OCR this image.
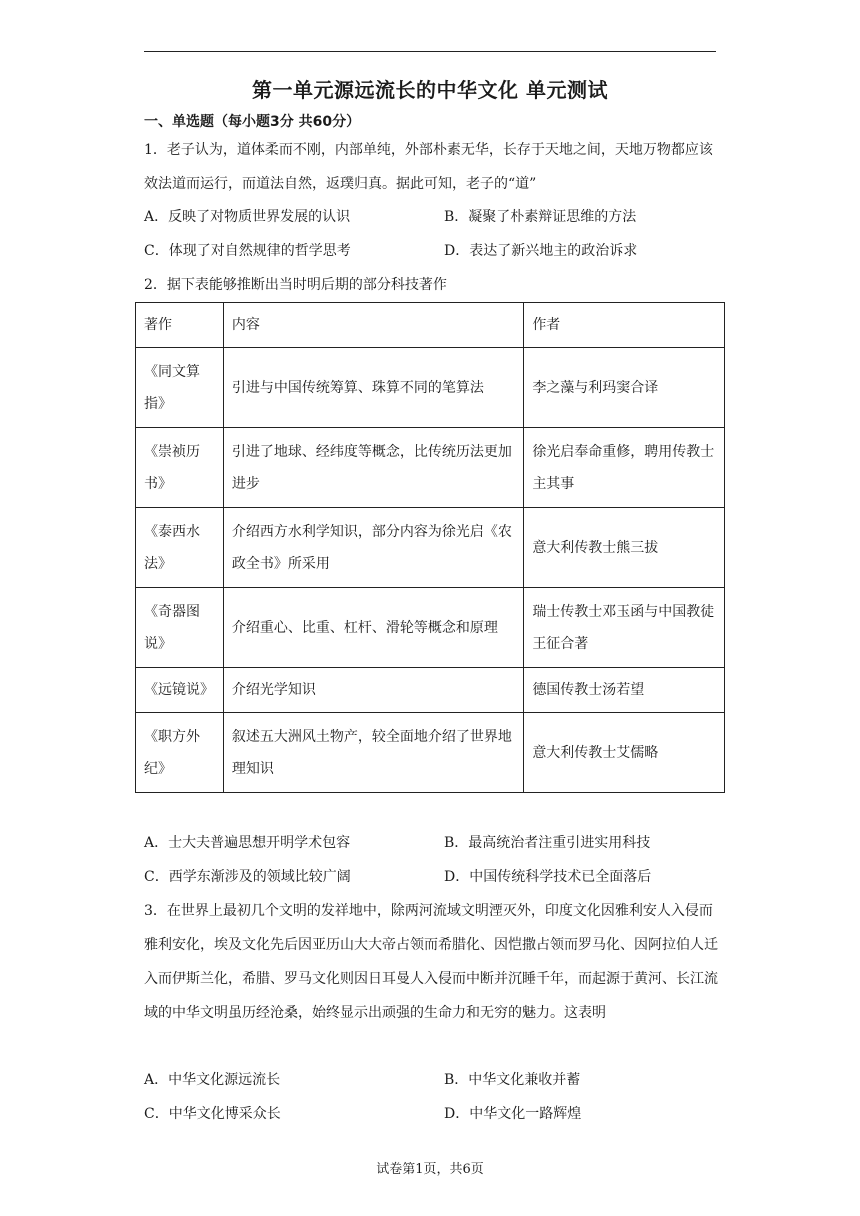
第一单元源远流长的中华文化 单元测试
一、单选题（每小题3分 共60分）
1．老子认为，道体柔而不刚，内部单纯，外部朴素无华，长存于天地之间，天地万物都应该效法道而运行，而道法自然，返璞归真。据此可知，老子的“道”
A．反映了对物质世界发展的认识	B．凝聚了朴素辩证思维的方法
C．体现了对自然规律的哲学思考	D．表达了新兴地主的政治诉求
2．据下表能够推断出当时明后期的部分科技著作
著作	内容	作者
《同文算指》	引进与中国传统筹算、珠算不同的笔算法	李之藻与利玛窦合译
《崇祯历书》	引进了地球、经纬度等概念，比传统历法更加进步	徐光启奉命重修，聘用传教士主其事
《泰西水法》	介绍西方水利学知识，部分内容为徐光启《农政全书》所采用	意大利传教士熊三拔
《奇器图说》	介绍重心、比重、杠杆、滑轮等概念和原理	瑞士传教士邓玉函与中国教徒王征合著
《远镜说》	介绍光学知识	德国传教士汤若望
《职方外纪》	叙述五大洲风土物产，较全面地介绍了世界地理知识	意大利传教士艾儒略
A．士大夫普遍思想开明学术包容	B．最高统治者注重引进实用科技
C．西学东渐涉及的领域比较广阔	D．中国传统科学技术已全面落后
3．在世界上最初几个文明的发祥地中，除两河流域文明湮灭外，印度文化因雅利安人入侵而雅利安化，埃及文化先后因亚历山大大帝占领而希腊化、因恺撒占领而罗马化、因阿拉伯人迁入而伊斯兰化，希腊、罗马文化则因日耳曼人入侵而中断并沉睡千年，而起源于黄河、长江流域的中华文明虽历经沧桑，始终显示出顽强的生命力和无穷的魅力。这表明
A．中华文化源远流长	B．中华文化兼收并蓄
C．中华文化博采众长	D．中华文化一路辉煌
试卷第1页，共6页
